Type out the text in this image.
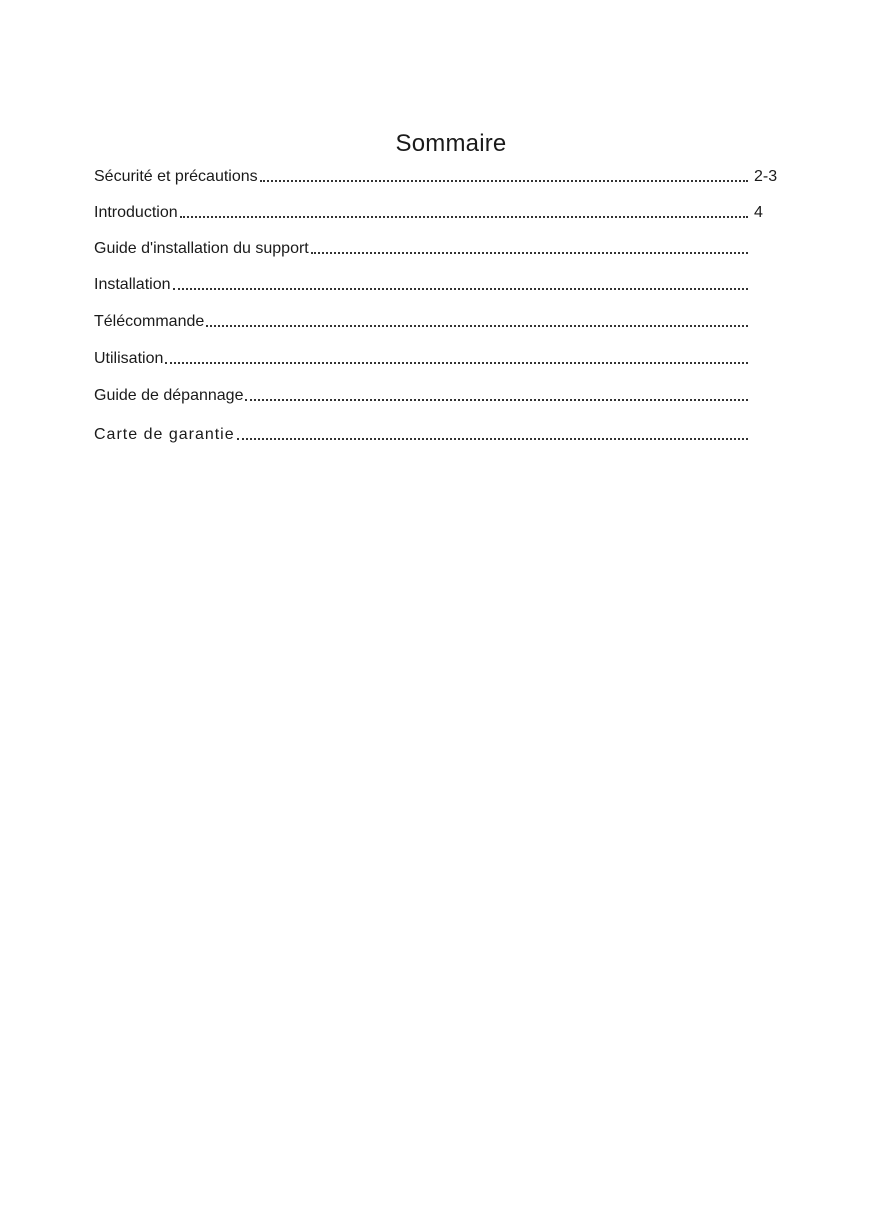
Sommaire
Sécurité et précautions	2-3
Introduction	4
Guide d'installation du support
Installation
Télécommande
Utilisation
Guide de dépannage
Carte de garantie
